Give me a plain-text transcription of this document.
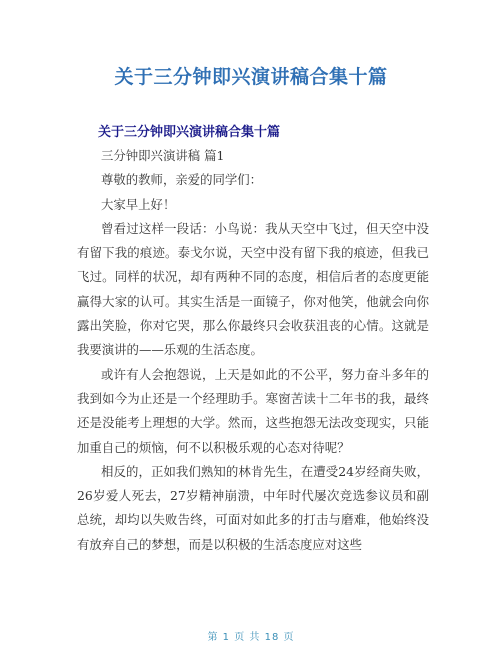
关于三分钟即兴演讲稿合集十篇
关于三分钟即兴演讲稿合集十篇

三分钟即兴演讲稿 篇1

尊敬的教师，亲爱的同学们：

大家早上好！

曾看过这样一段话：小鸟说：我从天空中飞过，但天空中没有留下我的痕迹。泰戈尔说，天空中没有留下我的痕迹，但我已飞过。同样的状况，却有两种不同的态度，相信后者的态度更能赢得大家的认可。其实生活是一面镜子，你对他笑，他就会向你露出笑脸，你对它哭，那么你最终只会收获沮丧的心情。这就是我要演讲的——乐观的生活态度。

或许有人会抱怨说，上天是如此的不公平，努力奋斗多年的我到如今为止还是一个经理助手。寒窗苦读十二年书的我，最终还是没能考上理想的大学。然而，这些抱怨无法改变现实，只能加重自己的烦恼，何不以积极乐观的心态对待呢？

相反的，正如我们熟知的林肯先生，在遭受24岁经商失败，26岁爱人死去，27岁精神崩溃，中年时代屡次竞选参议员和副总统，却均以失败告终，可面对如此多的打击与磨难，他始终没有放弃自己的梦想，而是以积极的生活态度应对这些

第 1 页 共 18 页
